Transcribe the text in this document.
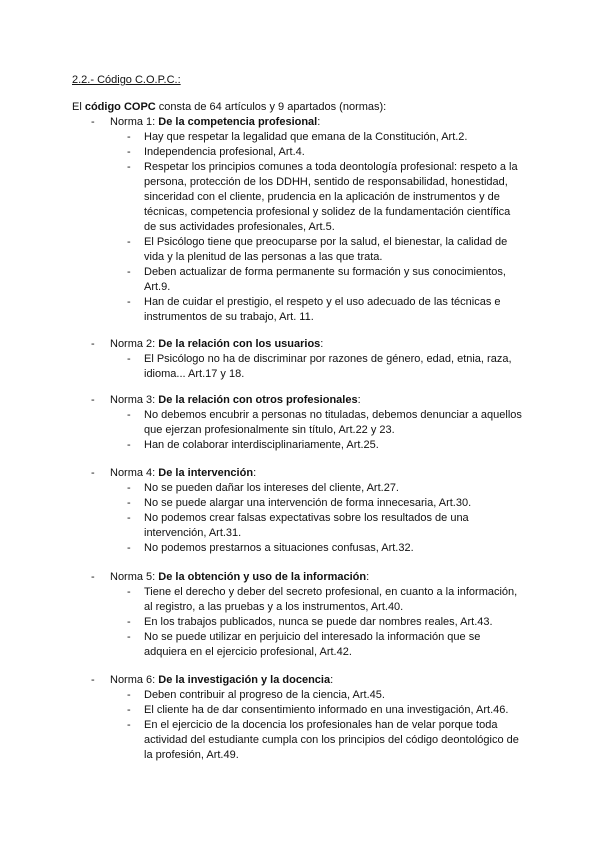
2.2.- Código C.O.P.C.:
El código COPC consta de 64 artículos y 9 apartados (normas):
- Norma 1: De la competencia profesional:
- Hay que respetar la legalidad que emana de la Constitución, Art.2.
- Independencia profesional, Art.4.
- Respetar los principios comunes a toda deontología profesional: respeto a la persona, protección de los DDHH, sentido de responsabilidad, honestidad, sinceridad con el cliente, prudencia en la aplicación de instrumentos y de técnicas, competencia profesional y solidez de la fundamentación científica de sus actividades profesionales, Art.5.
- El Psicólogo tiene que preocuparse por la salud, el bienestar, la calidad de vida y la plenitud de las personas a las que trata.
- Deben actualizar de forma permanente su formación y sus conocimientos, Art.9.
- Han de cuidar el prestigio, el respeto y el uso adecuado de las técnicas e instrumentos de su trabajo, Art. 11.
- Norma 2: De la relación con los usuarios:
- El Psicólogo no ha de discriminar por razones de género, edad, etnia, raza, idioma... Art.17 y 18.
- Norma 3: De la relación con otros profesionales:
- No debemos encubrir a personas no tituladas, debemos denunciar a aquellos que ejerzan profesionalmente sin título, Art.22 y 23.
- Han de colaborar interdisciplinariamente, Art.25.
- Norma 4: De la intervención:
- No se pueden dañar los intereses del cliente, Art.27.
- No se puede alargar una intervención de forma innecesaria, Art.30.
- No podemos crear falsas expectativas sobre los resultados de una intervención, Art.31.
- No podemos prestarnos a situaciones confusas, Art.32.
- Norma 5: De la obtención y uso de la información:
- Tiene el derecho y deber del secreto profesional, en cuanto a la información, al registro, a las pruebas y a los instrumentos, Art.40.
- En los trabajos publicados, nunca se puede dar nombres reales, Art.43.
- No se puede utilizar en perjuicio del interesado la información que se adquiera en el ejercicio profesional, Art.42.
- Norma 6: De la investigación y la docencia:
- Deben contribuir al progreso de la ciencia, Art.45.
- El cliente ha de dar consentimiento informado en una investigación, Art.46.
- En el ejercicio de la docencia los profesionales han de velar porque toda actividad del estudiante cumpla con los principios del código deontológico de la profesión, Art.49.
